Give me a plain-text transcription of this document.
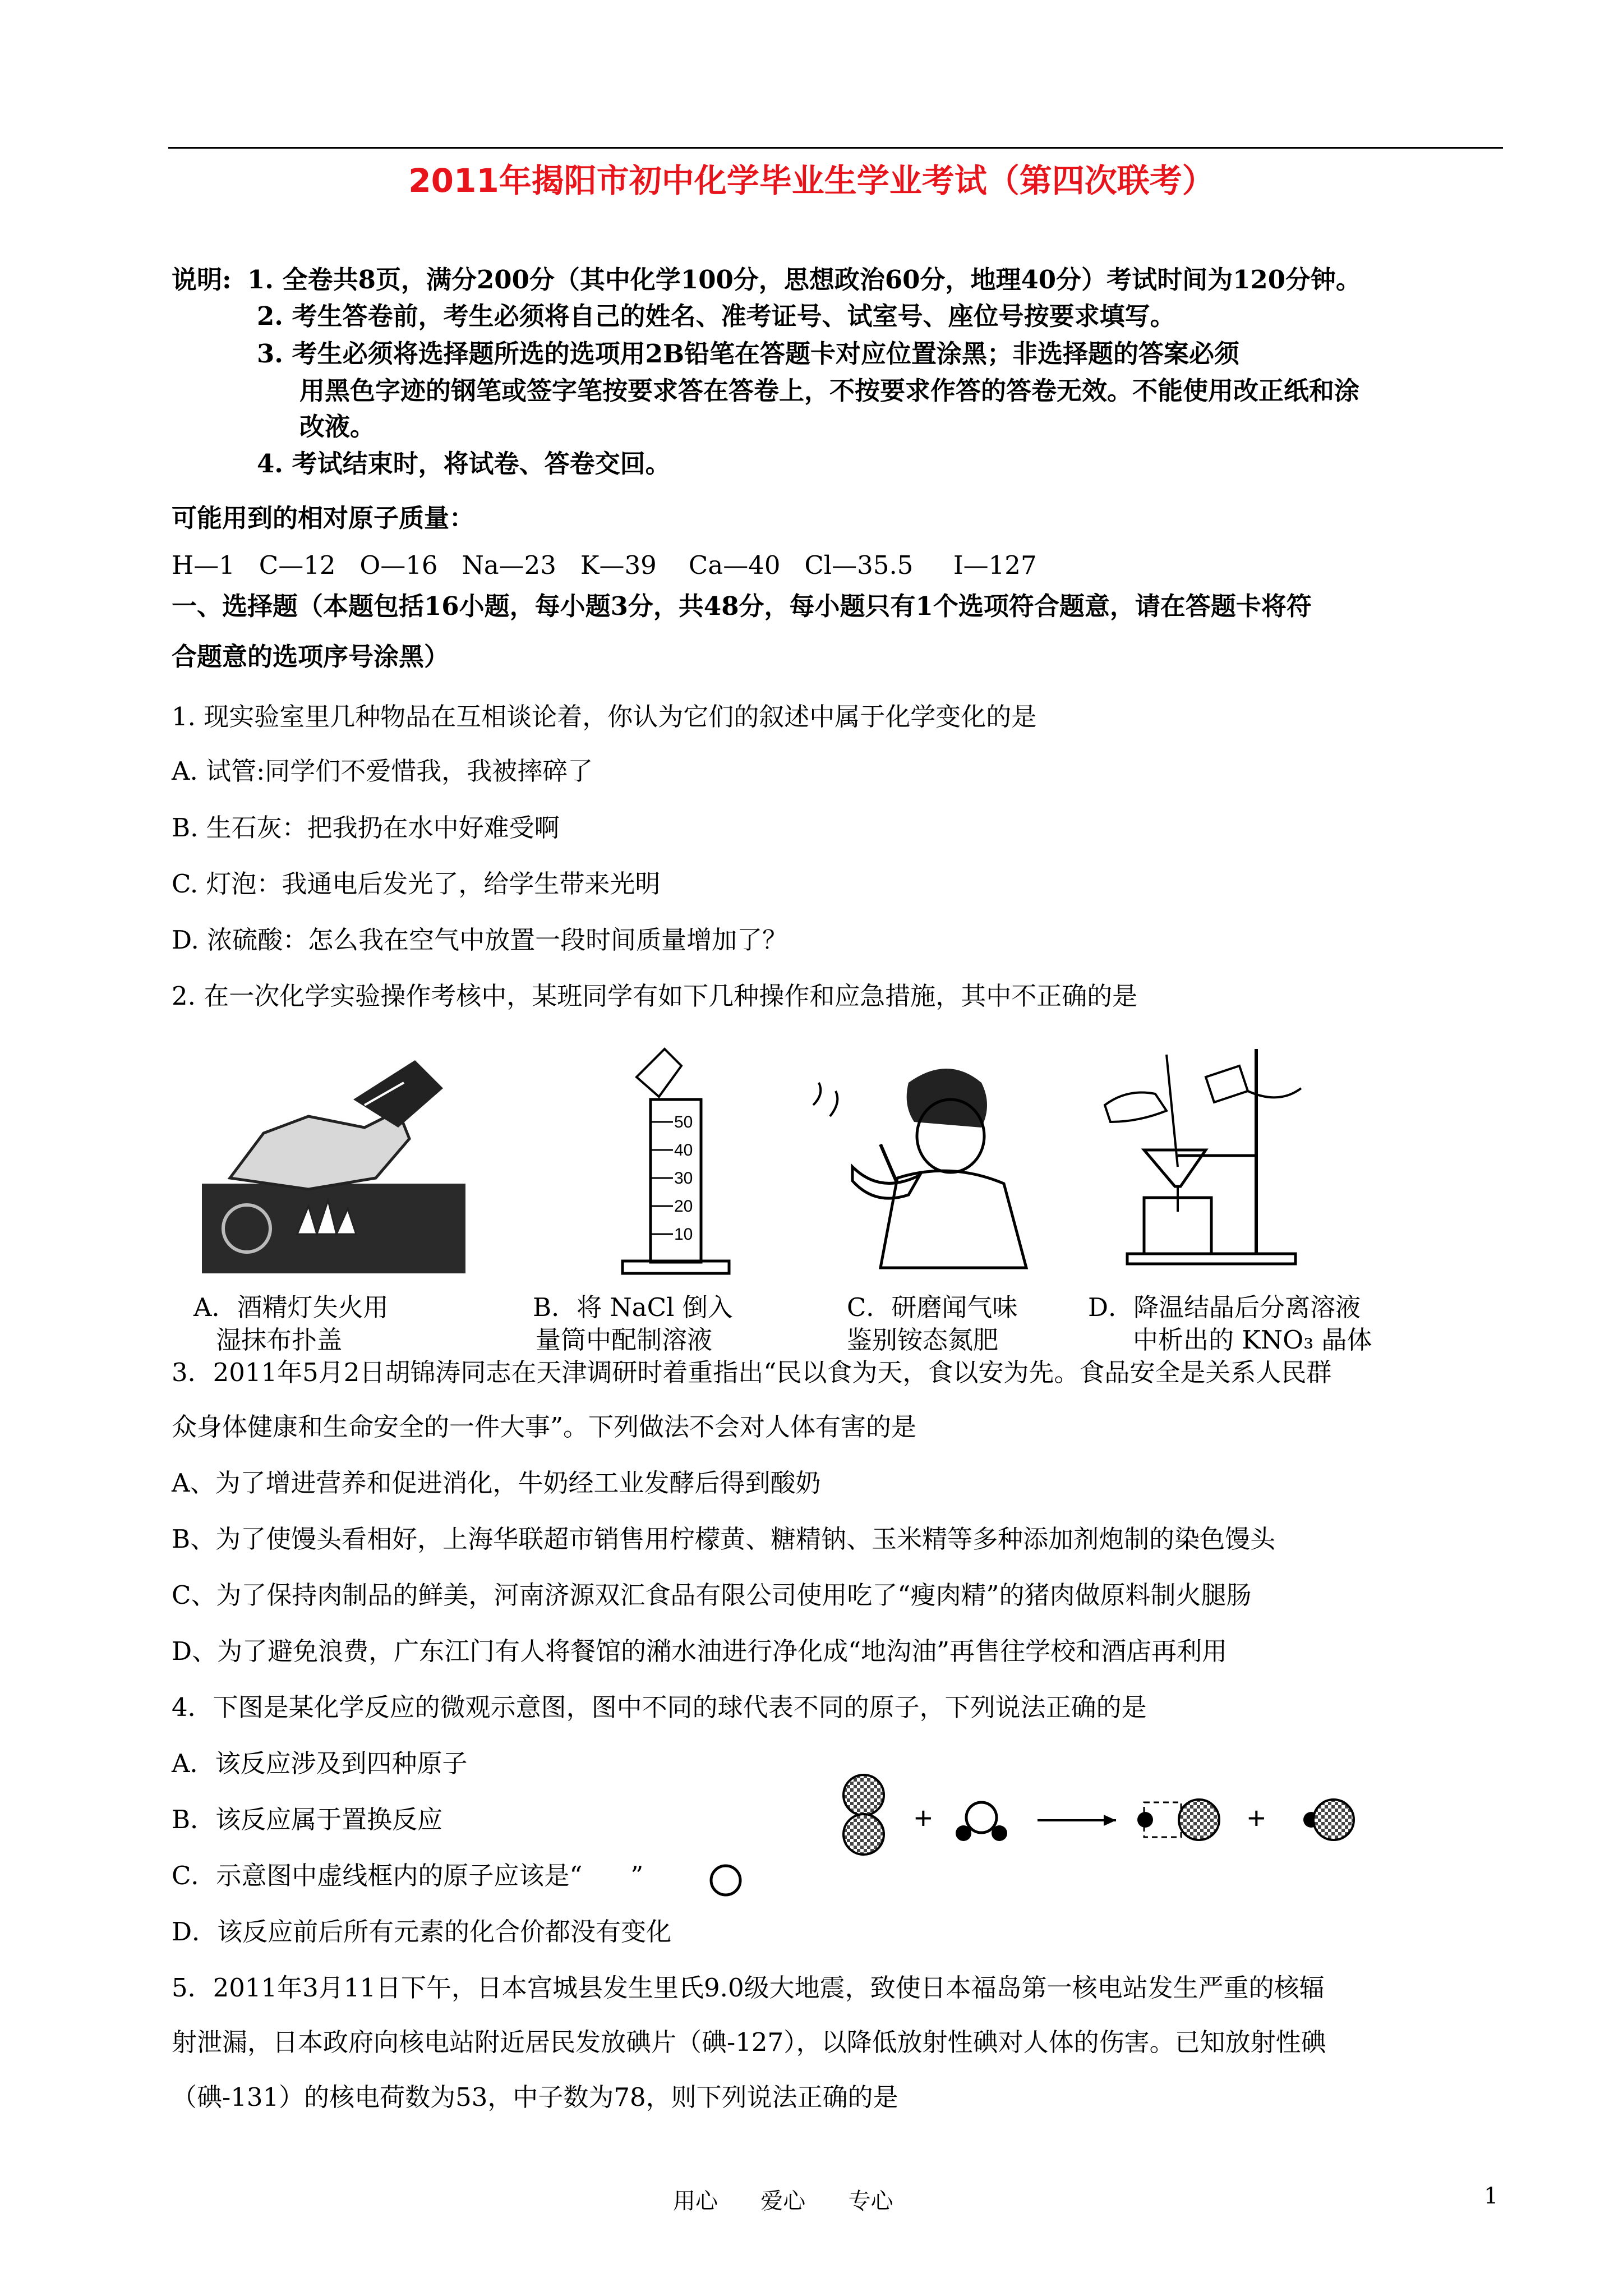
2011年揭阳市初中化学毕业生学业考试（第四次联考）
说明: 1. 全卷共8页，满分200分（其中化学100分，思想政治60分，地理40分）考试时间为120分钟。
2. 考生答卷前，考生必须将自己的姓名、准考证号、试室号、座位号按要求填写。
3. 考生必须将选择题所选的选项用2B铅笔在答题卡对应位置涂黑；非选择题的答案必须
用黑色字迹的钢笔或签字笔按要求答在答卷上，不按要求作答的答卷无效。不能使用改正纸和涂
改液。
4. 考试结束时，将试卷、答卷交回。
可能用到的相对原子质量：
H—1   C—12   O—16   Na—23   K—39    Ca—40   Cl—35.5     I—127
一、选择题（本题包括16小题，每小题3分，共48分，每小题只有1个选项符合题意，请在答题卡将符
合题意的选项序号涂黑）
1. 现实验室里几种物品在互相谈论着，你认为它们的叙述中属于化学变化的是
A. 试管:同学们不爱惜我，我被摔碎了
B. 生石灰：把我扔在水中好难受啊
C. 灯泡：我通电后发光了，给学生带来光明
D. 浓硫酸：怎么我在空气中放置一段时间质量增加了？
2. 在一次化学实验操作考核中，某班同学有如下几种操作和应急措施，其中不正确的是
A．酒精灯失火用
湿抹布扑盖
50
40
30
20
10
B．将 NaCl 倒入
量筒中配制溶液
C．研磨闻气味
鉴别铵态氮肥
D．降温结晶后分离溶液
中析出的 KNO₃ 晶体
3．2011年5月2日胡锦涛同志在天津调研时着重指出“民以食为天，食以安为先。食品安全是关系人民群
众身体健康和生命安全的一件大事”。下列做法不会对人体有害的是
A、为了增进营养和促进消化，牛奶经工业发酵后得到酸奶
B、为了使馒头看相好，上海华联超市销售用柠檬黄、糖精钠、玉米精等多种添加剂炮制的染色馒头
C、为了保持肉制品的鲜美，河南济源双汇食品有限公司使用吃了“瘦肉精”的猪肉做原料制火腿肠
D、为了避免浪费，广东江门有人将餐馆的潲水油进行净化成“地沟油”再售往学校和酒店再利用
4．下图是某化学反应的微观示意图，图中不同的球代表不同的原子，下列说法正确的是
A．该反应涉及到四种原子
B．该反应属于置换反应
C．示意图中虚线框内的原子应该是“      ”
D．该反应前后所有元素的化合价都没有变化
+	+
5．2011年3月11日下午，日本宫城县发生里氏9.0级大地震，致使日本福岛第一核电站发生严重的核辐
射泄漏，日本政府向核电站附近居民发放碘片（碘-127），以降低放射性碘对人体的伤害。已知放射性碘
（碘-131）的核电荷数为53，中子数为78，则下列说法正确的是
用心      爱心      专心	1
